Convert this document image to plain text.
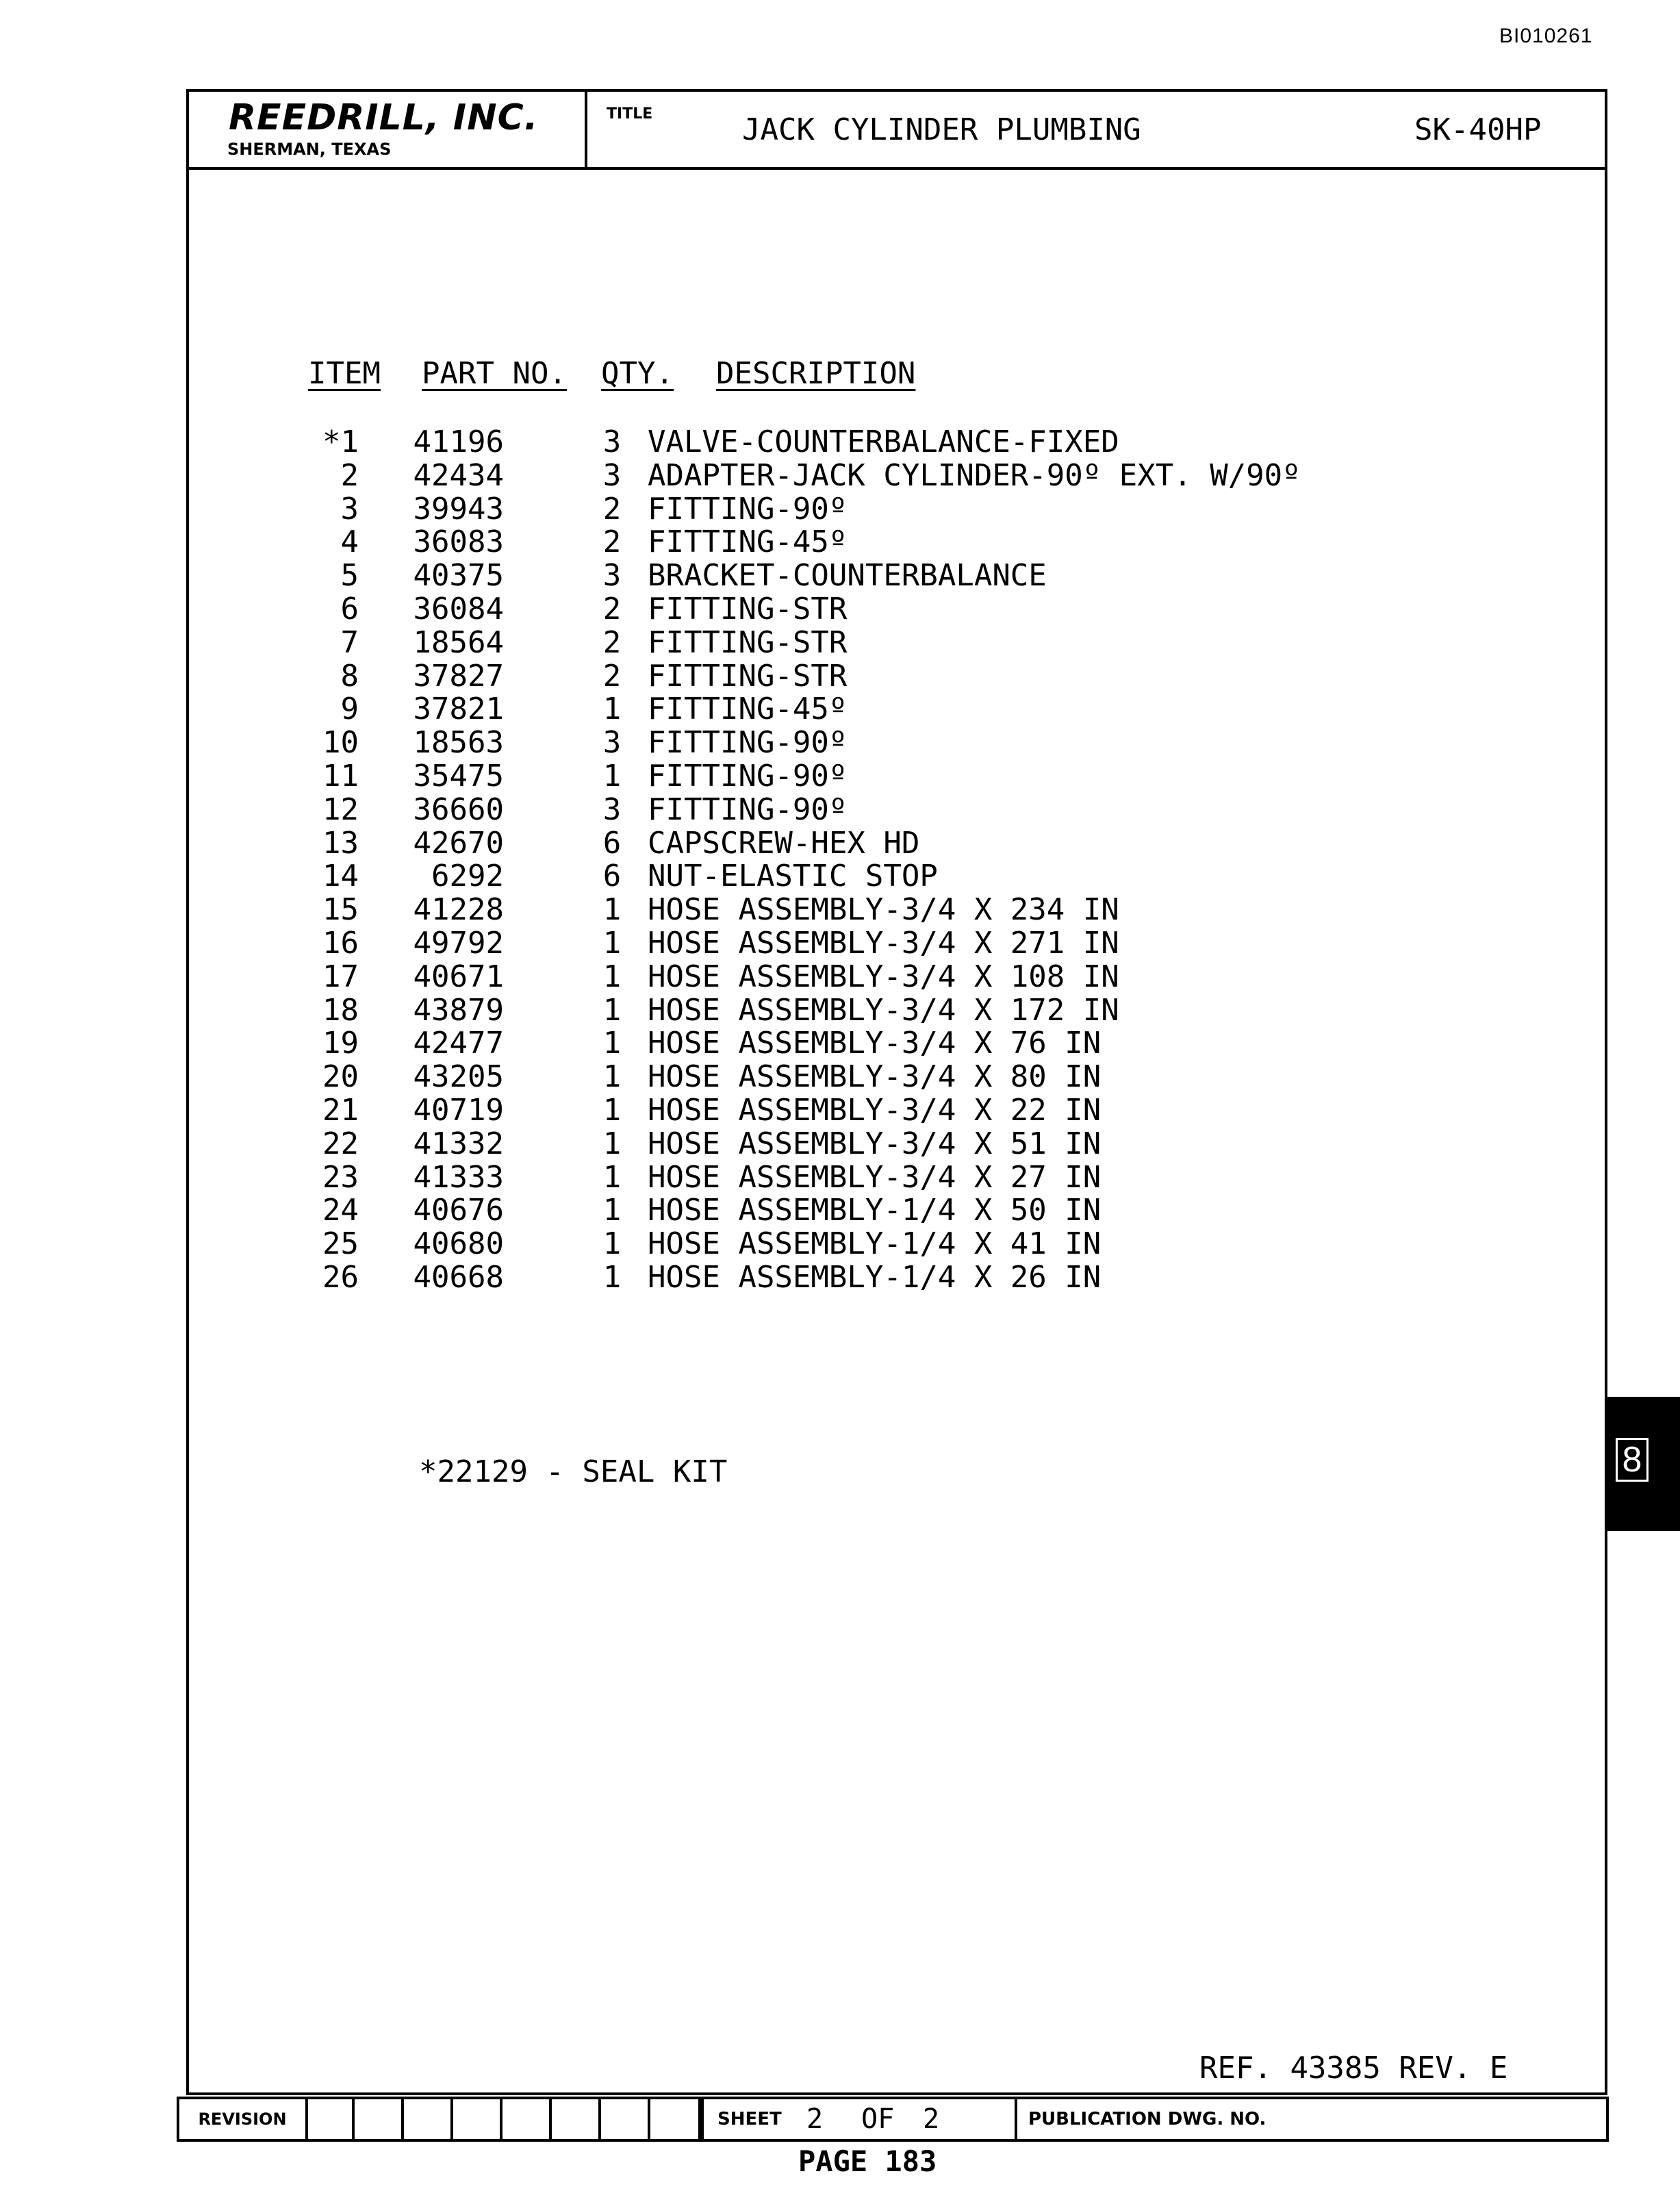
BI010261
REEDRILL, INC.
SHERMAN, TEXAS
TITLE	JACK CYLINDER PLUMBING	SK-40HP
ITEM PART NO. QTY. DESCRIPTION
*1 41196	3 VALVE-COUNTERBALANCE-FIXED
2 42434	3 ADAPTER-JACK CYLINDER-90º EXT. W/90º
3 39943	2 FITTING-90º
4 36083	2 FITTING-45º
5 40375	3 BRACKET-COUNTERBALANCE
6 36084	2 FITTING-STR
7 18564	2 FITTING-STR
8 37827	2 FITTING-STR
9 37821	1 FITTING-45º
10 18563	3 FITTING-90º
11 35475	1 FITTING-90º
12 36660	3 FITTING-90º
13 42670	6 CAPSCREW-HEX HD
14	6292	6 NUT-ELASTIC STOP
15 41228	1 HOSE ASSEMBLY-3/4 X 234 IN
16 49792	1 HOSE ASSEMBLY-3/4 X 271 IN
17 40671	1 HOSE ASSEMBLY-3/4 X 108 IN
18 43879	1 HOSE ASSEMBLY-3/4 X 172 IN
19 42477	1 HOSE ASSEMBLY-3/4 X 76 IN
20 43205	1 HOSE ASSEMBLY-3/4 X 80 IN
21 40719	1 HOSE ASSEMBLY-3/4 X 22 IN
22 41332	1 HOSE ASSEMBLY-3/4 X 51 IN
23 41333	1 HOSE ASSEMBLY-3/4 X 27 IN
24 40676	1 HOSE ASSEMBLY-1/4 X 50 IN
25 40680	1 HOSE ASSEMBLY-1/4 X 41 IN
26 40668	1 HOSE ASSEMBLY-1/4 X 26 IN
*22129 - SEAL KIT
REF. 43385 REV. E
8
REVISION	SHEET 2 OF 2	PUBLICATION DWG. NO.
PAGE 183
